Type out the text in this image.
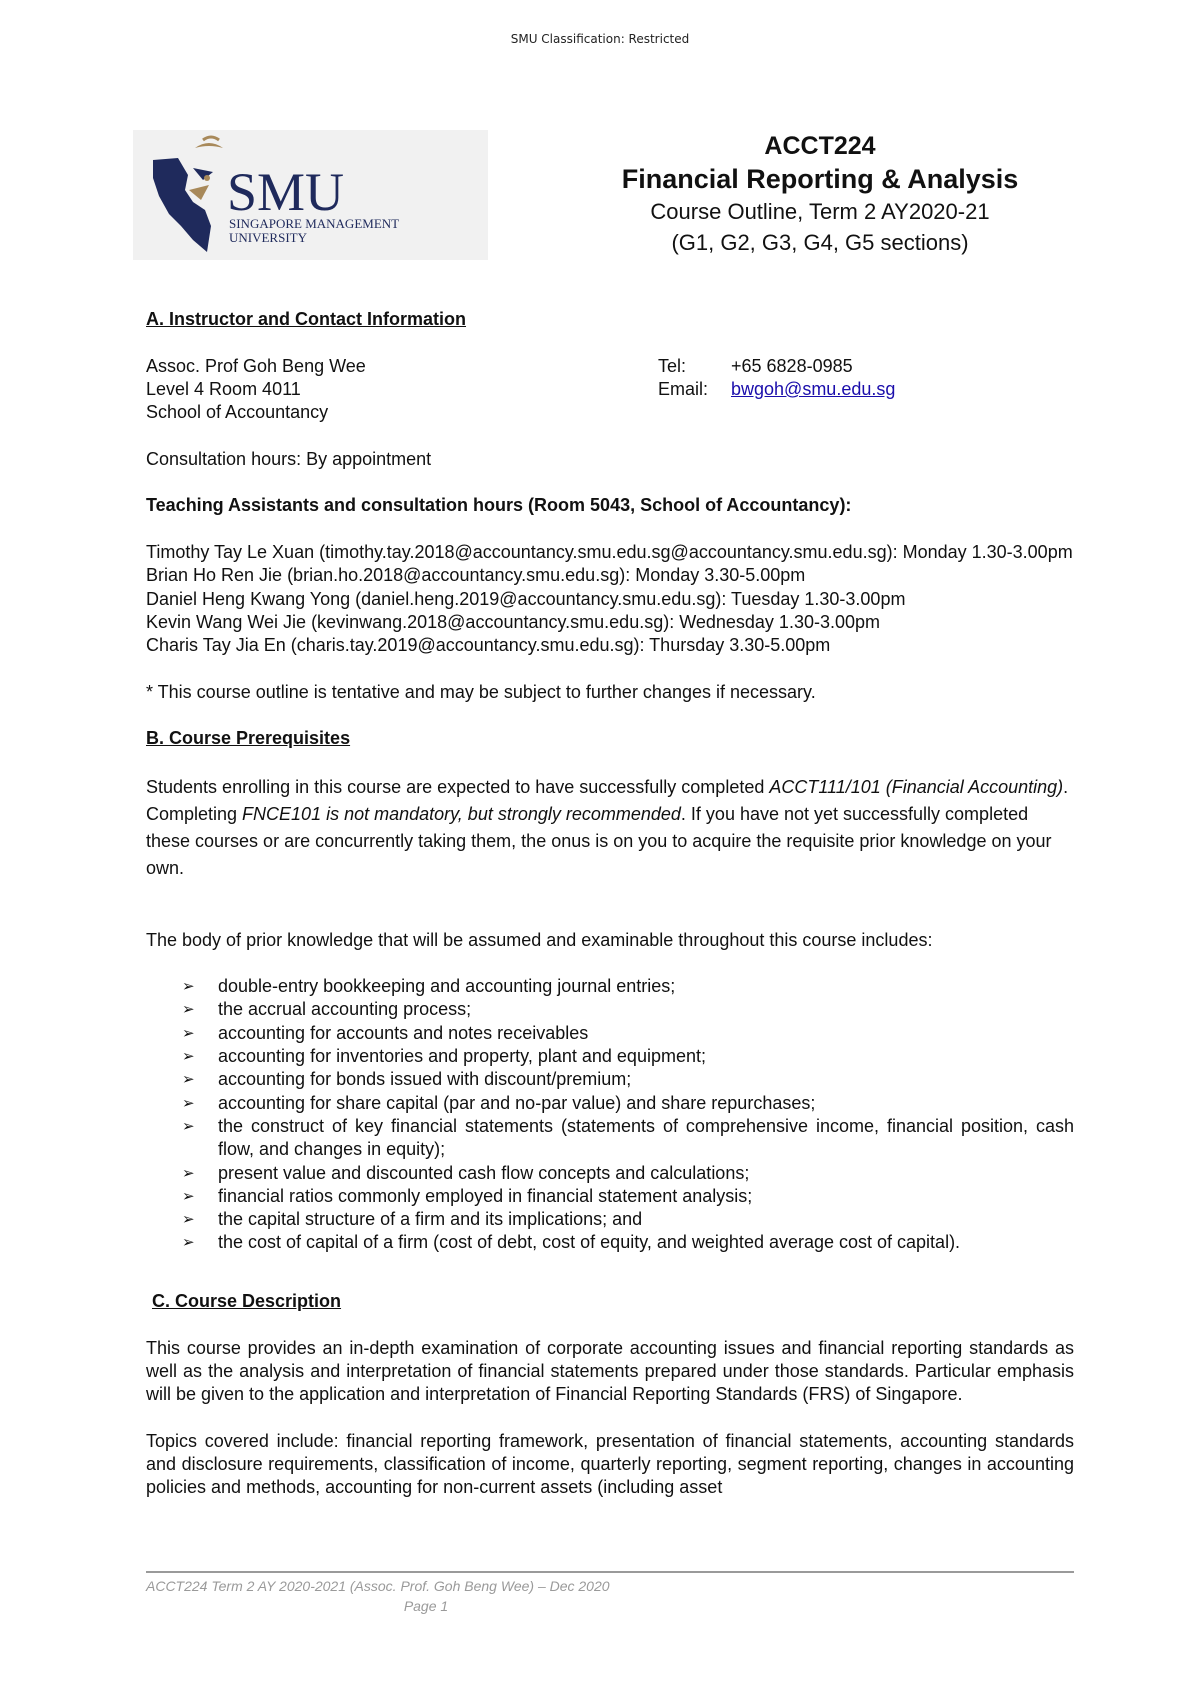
SMU Classification: Restricted
SMU
SINGAPORE MANAGEMENT
UNIVERSITY
ACCT224
Financial Reporting & Analysis
Course Outline, Term 2 AY2020-21
(G1, G2, G3, G4, G5 sections)

A. Instructor and Contact Information

Assoc. Prof Goh Beng Wee
Level 4 Room 4011
School of Accountancy
Tel:	+65 6828-0985
Email:	bwgoh@smu.edu.sg
Consultation hours: By appointment
Teaching Assistants and consultation hours (Room 5043, School of Accountancy):
Timothy Tay Le Xuan (timothy.tay.2018@accountancy.smu.edu.sg@accountancy.smu.edu.sg): Monday 1.30-3.00pm
Brian Ho Ren Jie (brian.ho.2018@accountancy.smu.edu.sg): Monday 3.30-5.00pm
Daniel Heng Kwang Yong (daniel.heng.2019@accountancy.smu.edu.sg): Tuesday 1.30-3.00pm
Kevin Wang Wei Jie (kevinwang.2018@accountancy.smu.edu.sg): Wednesday 1.30-3.00pm
Charis Tay Jia En (charis.tay.2019@accountancy.smu.edu.sg): Thursday 3.30-5.00pm
* This course outline is tentative and may be subject to further changes if necessary.

B. Course Prerequisites

Students enrolling in this course are expected to have successfully completed ACCT111/101 (Financial Accounting). Completing FNCE101 is not mandatory, but strongly recommended. If you have not yet successfully completed these courses or are concurrently taking them, the onus is on you to acquire the requisite prior knowledge on your own.
The body of prior knowledge that will be assumed and examinable throughout this course includes:
➢ double-entry bookkeeping and accounting journal entries;
➢ the accrual accounting process;
➢ accounting for accounts and notes receivables
➢ accounting for inventories and property, plant and equipment;
➢ accounting for bonds issued with discount/premium;
➢ accounting for share capital (par and no-par value) and share repurchases;
➢ the construct of key financial statements (statements of comprehensive income, financial position, cash flow, and changes in equity);
➢ present value and discounted cash flow concepts and calculations;
➢ financial ratios commonly employed in financial statement analysis;
➢ the capital structure of a firm and its implications; and
➢ the cost of capital of a firm (cost of debt, cost of equity, and weighted average cost of capital).

C. Course Description

This course provides an in-depth examination of corporate accounting issues and financial reporting standards as well as the analysis and interpretation of financial statements prepared under those standards. Particular emphasis will be given to the application and interpretation of Financial Reporting Standards (FRS) of Singapore.
Topics covered include: financial reporting framework, presentation of financial statements, accounting standards and disclosure requirements, classification of income, quarterly reporting, segment reporting, changes in accounting policies and methods, accounting for non-current assets (including asset
ACCT224 Term 2 AY 2020-2021 (Assoc. Prof. Goh Beng Wee) – Dec 2020
Page 1
